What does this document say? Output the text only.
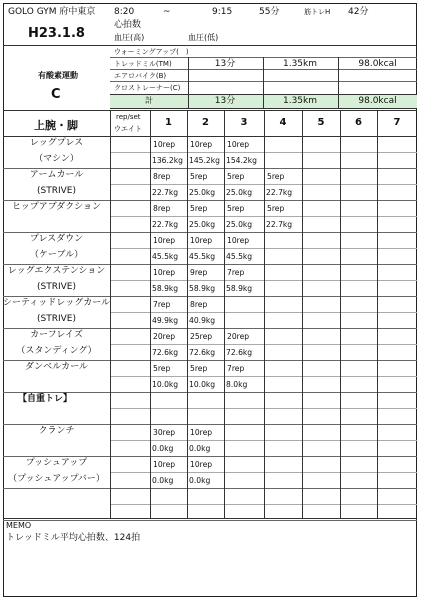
GOLO GYM 府中東京
H23.1.8
8:20	~	9:15	55分	筋トレH 42分
心拍数
血圧(高)	血圧(低)
有酸素運動
C
ウォーミングアップ(　)
トレッドミル(TM)	13分	1.35km	98.0kcal
エアロバイク(B)
クロストレーナー(C)
計	13分	1.35km	98.0kcal
上腕・脚
rep/set
ウエイト
1	2	3	4	5	6	7
レッグプレス
（マシン）
10rep 10rep 10rep
136.2kg 145.2kg 154.2kg
アームカール
(STRIVE)
8rep	5rep	5rep	5rep
22.7kg 25.0kg 25.0kg 22.7kg
ヒップアブダクション	8rep	5rep	5rep	5rep
22.7kg 25.0kg 25.0kg 22.7kg
プレスダウン
（ケーブル）
10rep 10rep 10rep
45.5kg 45.5kg 45.5kg
レッグエクステンション
(STRIVE)
10rep 9rep	7rep
58.9kg 58.9kg 58.9kg
シーティッドレッグカール
(STRIVE)
7rep	8rep
49.9kg 40.9kg
カーフレイズ
（スタンディング）
20rep 25rep 20rep
72.6kg 72.6kg 72.6kg
ダンベルカール	5rep	5rep	7rep
10.0kg 10.0kg 8.0kg
【自重トレ】
クランチ	30rep 10rep
0.0kg 0.0kg
プッシュアップ
（プッシュアップバー）
10rep 10rep
0.0kg 0.0kg
MEMO
トレッドミル平均心拍数、124拍
